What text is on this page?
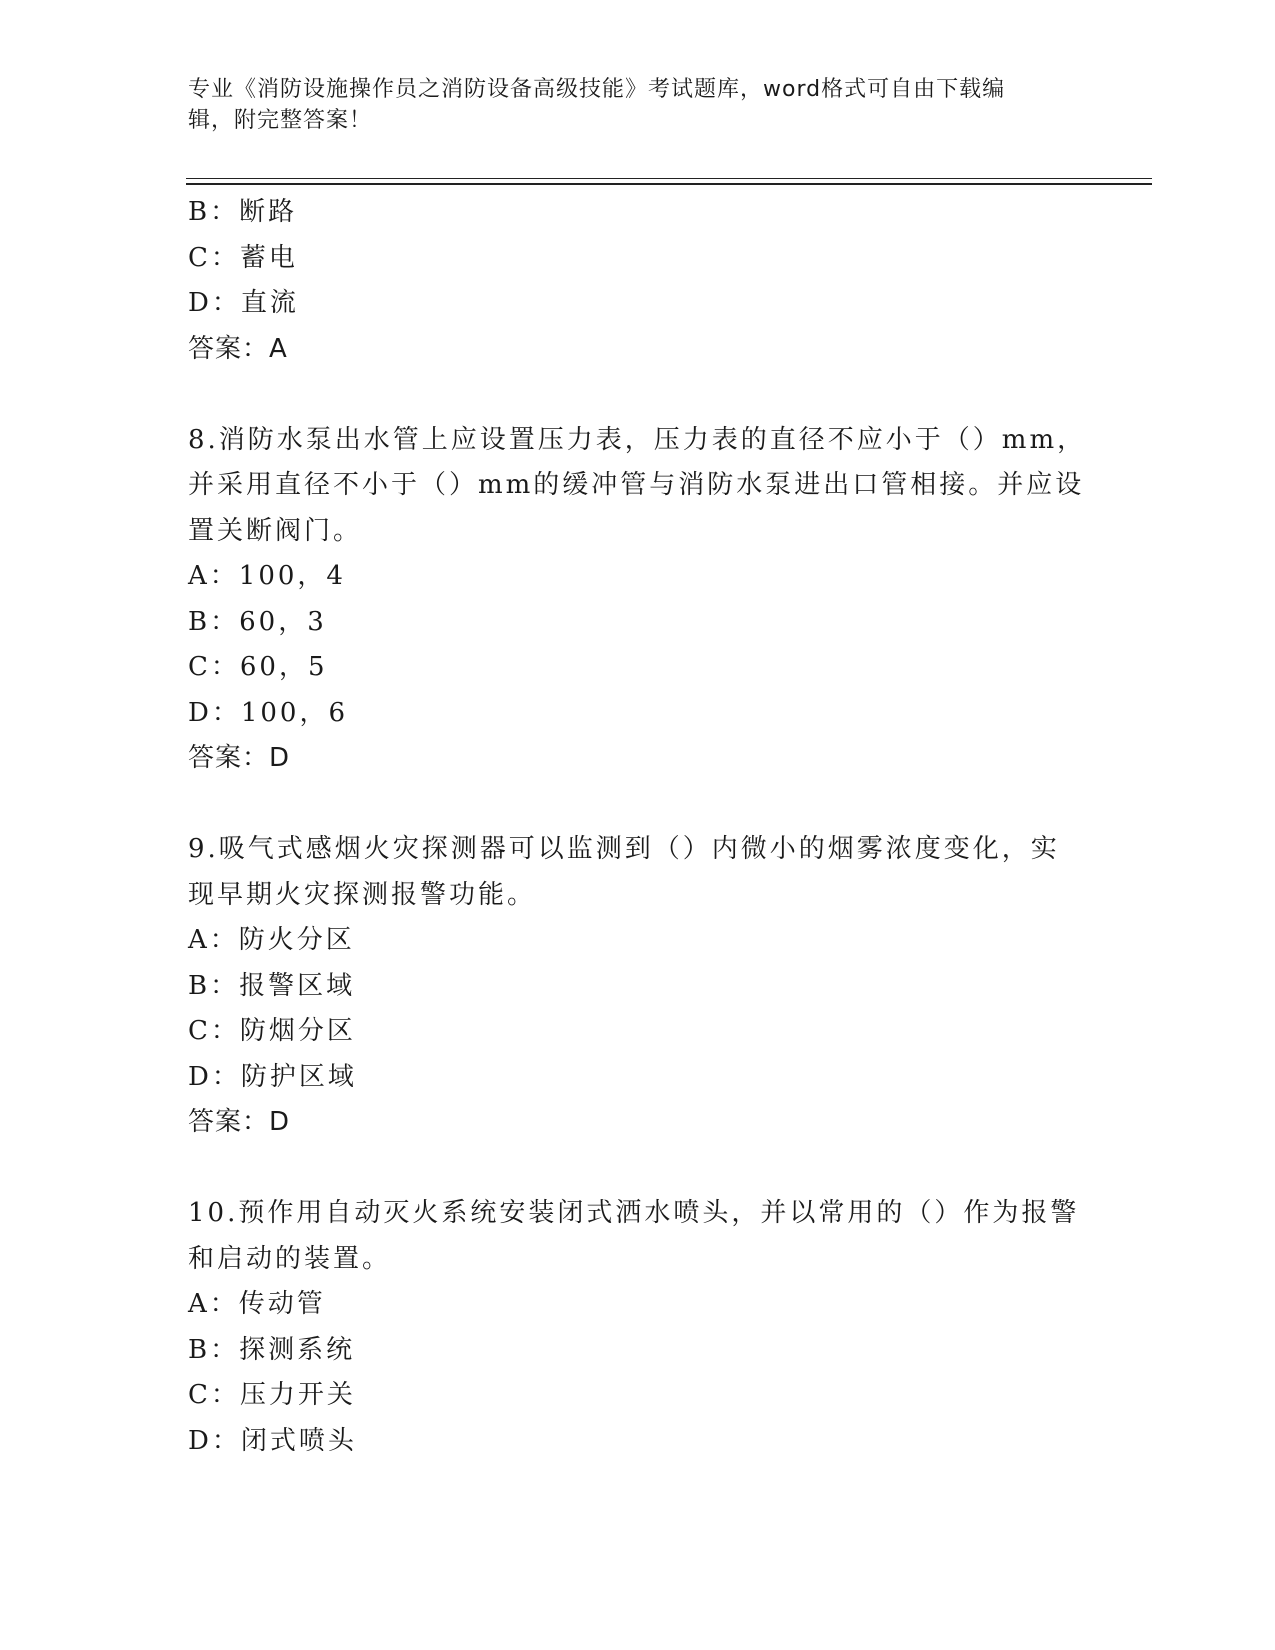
专业《消防设施操作员之消防设备高级技能》考试题库，word格式可自由下载编
辑，附完整答案！
B：断路
C：蓄电
D：直流
答案：A
8.消防水泵出水管上应设置压力表，压力表的直径不应小于（）mm，
并采用直径不小于（）mm的缓冲管与消防水泵进出口管相接。并应设
置关断阀门。
A：100，4
B：60，3
C：60，5
D：100，6
答案：D
9.吸气式感烟火灾探测器可以监测到（）内微小的烟雾浓度变化，实
现早期火灾探测报警功能。
A：防火分区
B：报警区域
C：防烟分区
D：防护区域
答案：D
10.预作用自动灭火系统安装闭式洒水喷头，并以常用的（）作为报警
和启动的装置。
A：传动管
B：探测系统
C：压力开关
D：闭式喷头
